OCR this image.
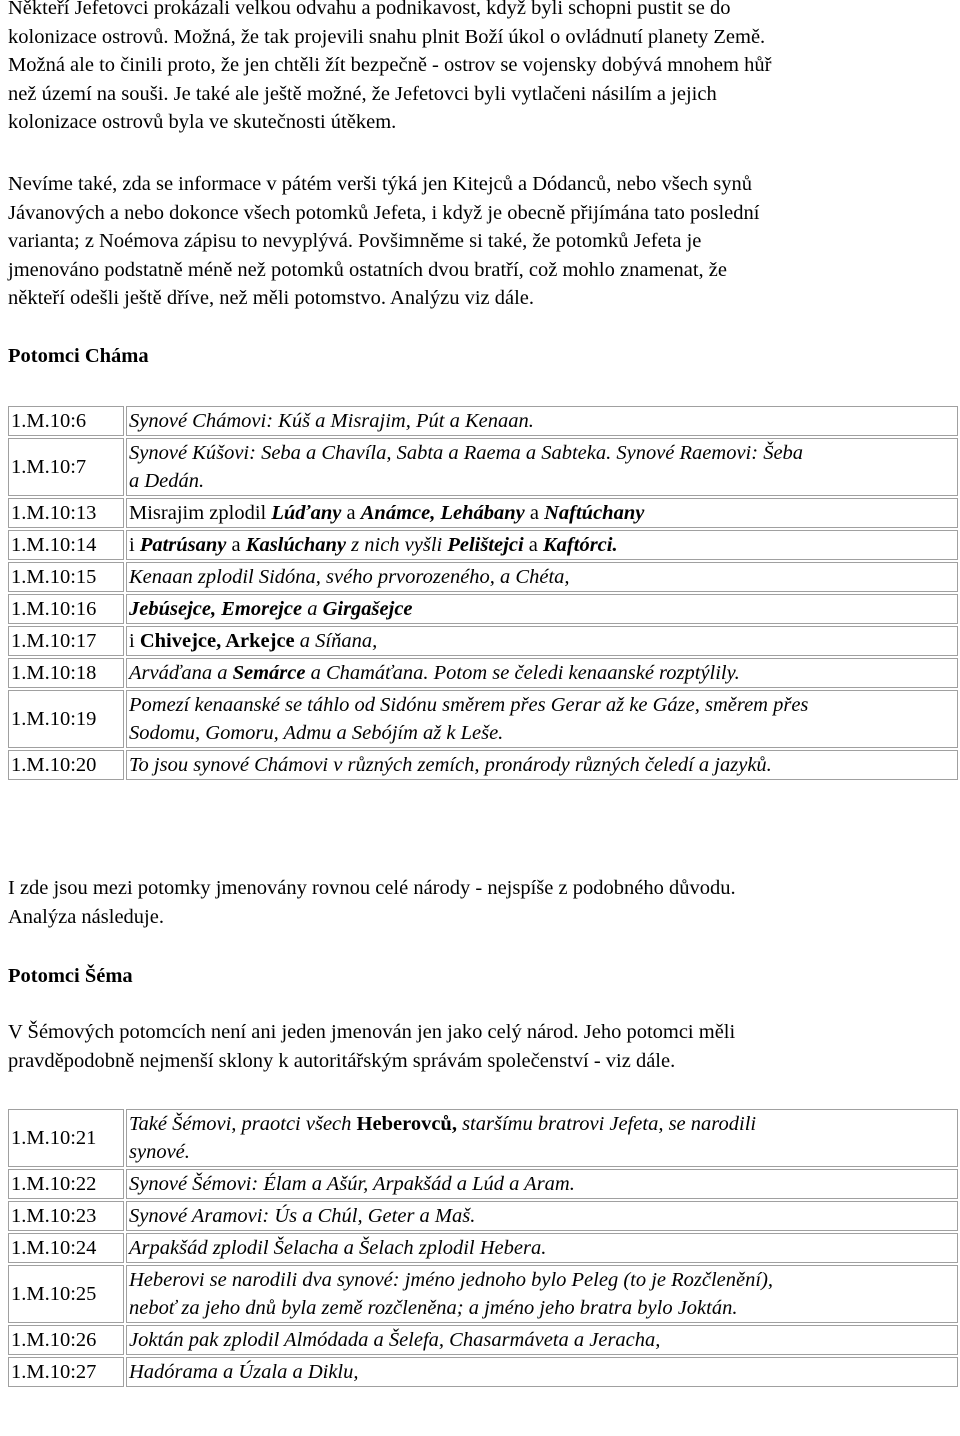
Někteří Jefetovci prokázali velkou odvahu a podnikavost, když byli schopni pustit se do
kolonizace ostrovů. Možná, že tak projevili snahu plnit Boží úkol o ovládnutí planety Země.
Možná ale to činili proto, že jen chtěli žít bezpečně - ostrov se vojensky dobývá mnohem hůř
než území na souši. Je také ale ještě možné, že Jefetovci byli vytlačeni násilím a jejich
kolonizace ostrovů byla ve skutečnosti útěkem.

Nevíme také, zda se informace v pátém verši týká jen Kitejců a Dódanců, nebo všech synů
Jávanových a nebo dokonce všech potomků Jefeta, i když je obecně přijímána tato poslední
varianta; z Noémova zápisu to nevyplývá. Povšimněme si také, že potomků Jefeta je
jmenováno podstatně méně než potomků ostatních dvou bratří, což mohlo znamenat, že
někteří odešli ještě dříve, než měli potomstvo. Analýzu viz dále.

Potomci Cháma
1.M.10:6	Synové Chámovi: Kúš a Misrajim, Pút a Kenaan.

1.M.10:7	Synové Kúšovi: Seba a Chavíla, Sabta a Raema a Sabteka. Synové Raemovi: Šeba
a Dedán.

1.M.10:13	Misrajim zplodil Lúďany a Anámce, Lehábany a Naftúchany

1.M.10:14	i Patrúsany a Kaslúchany z nich vyšli Pelištejci a Kaftórci.

1.M.10:15	Kenaan zplodil Sidóna, svého prvorozeného, a Chéta,

1.M.10:16	Jebúsejce, Emorejce a Girgašejce

1.M.10:17	i Chivejce, Arkejce a Síňana,

1.M.10:18	Arváďana a Semárce a Chamáťana. Potom se čeledi kenaanské rozptýlily.

1.M.10:19	Pomezí kenaanské se táhlo od Sidónu směrem přes Gerar až ke Gáze, směrem přes
Sodomu, Gomoru, Admu a Sebójím až k Leše.

1.M.10:20	To jsou synové Chámovi v různých zemích, pronárody různých čeledí a jazyků.

I zde jsou mezi potomky jmenovány rovnou celé národy - nejspíše z podobného důvodu.
Analýza následuje.

Potomci Šéma

V Šémových potomcích není ani jeden jmenován jen jako celý národ. Jeho potomci měli
pravděpodobně nejmenší sklony k autoritářským správám společenství - viz dále.

1.M.10:21	Také Šémovi, praotci všech Heberovců, staršímu bratrovi Jefeta, se narodili
synové.

1.M.10:22	Synové Šémovi: Élam a Ašúr, Arpakšád a Lúd a Aram.

1.M.10:23	Synové Aramovi: Ús a Chúl, Geter a Maš.

1.M.10:24	Arpakšád zplodil Šelacha a Šelach zplodil Hebera.

1.M.10:25	Heberovi se narodili dva synové: jméno jednoho bylo Peleg (to je Rozčlenění),
neboť za jeho dnů byla země rozčleněna; a jméno jeho bratra bylo Joktán.

1.M.10:26	Joktán pak zplodil Almódada a Šelefa, Chasarmáveta a Jeracha,

1.M.10:27	Hadórama a Úzala a Diklu,
